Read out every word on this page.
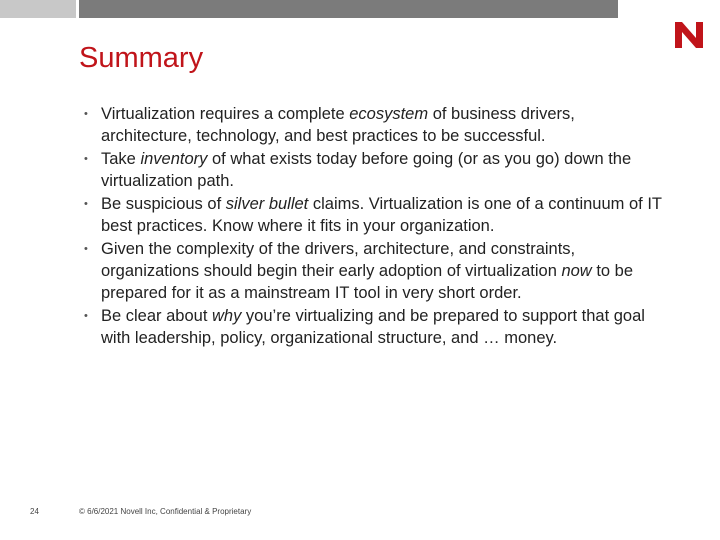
Summary
• Virtualization requires a complete ecosystem of business drivers, architecture, technology, and best practices to be successful.
• Take inventory of what exists today before going (or as you go) down the virtualization path.
• Be suspicious of silver bullet claims. Virtualization is one of a continuum of IT best practices. Know where it fits in your organization.
• Given the complexity of the drivers, architecture, and constraints, organizations should begin their early adoption of virtualization now to be prepared for it as a mainstream IT tool in very short order.
• Be clear about why you’re virtualizing and be prepared to support that goal with leadership, policy, organizational structure, and … money.
24	© 6/6/2021 Novell Inc, Confidential & Proprietary
